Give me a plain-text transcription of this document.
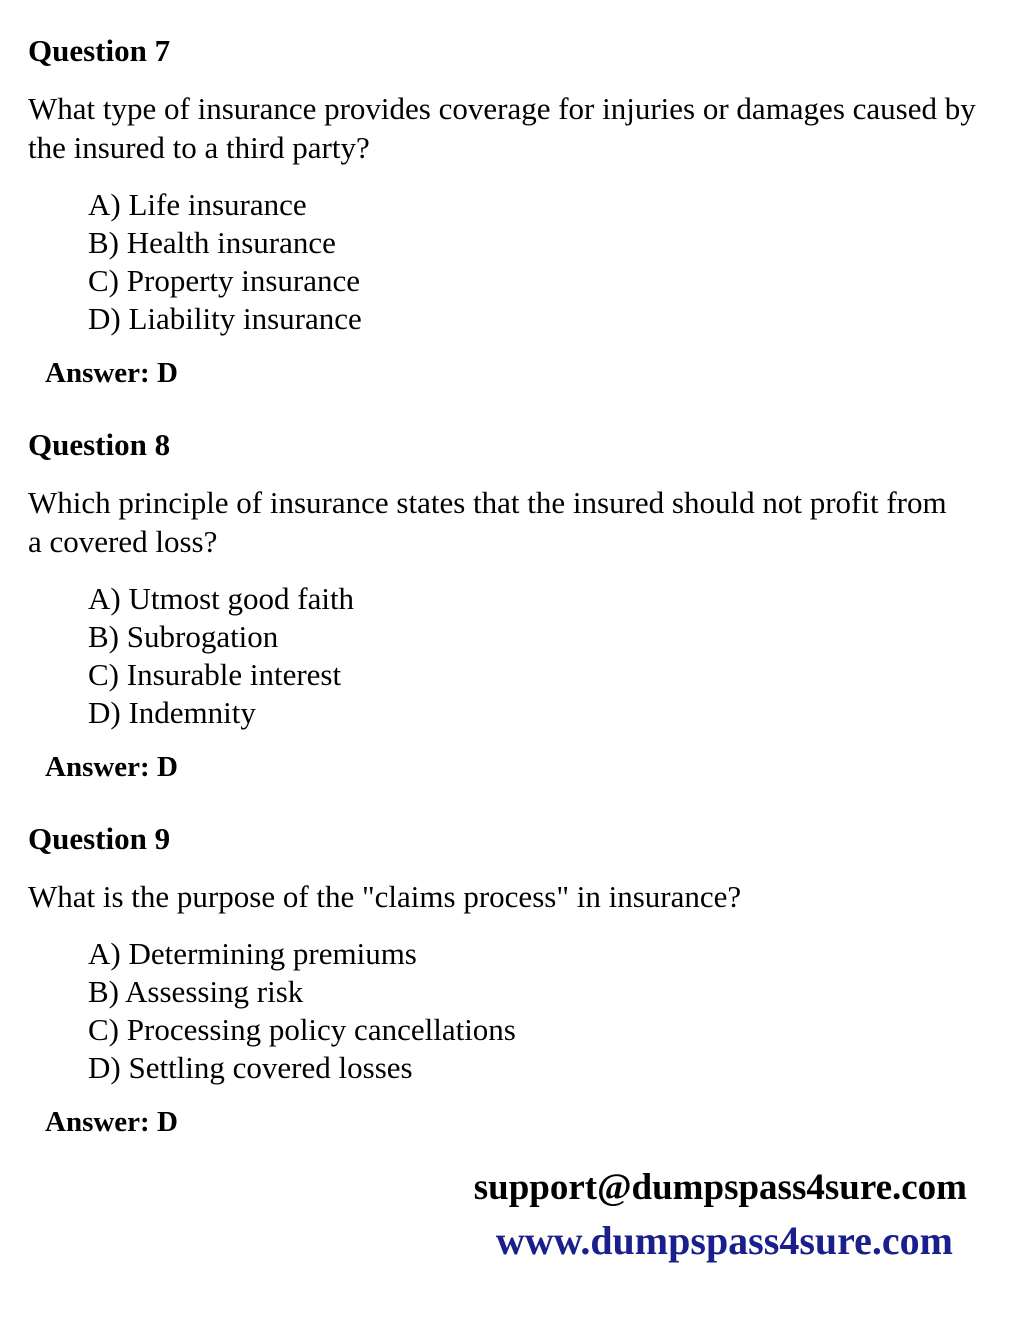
Question 7
What type of insurance provides coverage for injuries or damages caused by the insured to a third party?
A) Life insurance
B) Health insurance
C) Property insurance
D) Liability insurance
Answer: D
Question 8
Which principle of insurance states that the insured should not profit from a covered loss?
A) Utmost good faith
B) Subrogation
C) Insurable interest
D) Indemnity
Answer: D
Question 9
What is the purpose of the "claims process" in insurance?
A) Determining premiums
B) Assessing risk
C) Processing policy cancellations
D) Settling covered losses
Answer: D
support@dumpspass4sure.com
www.dumpspass4sure.com
